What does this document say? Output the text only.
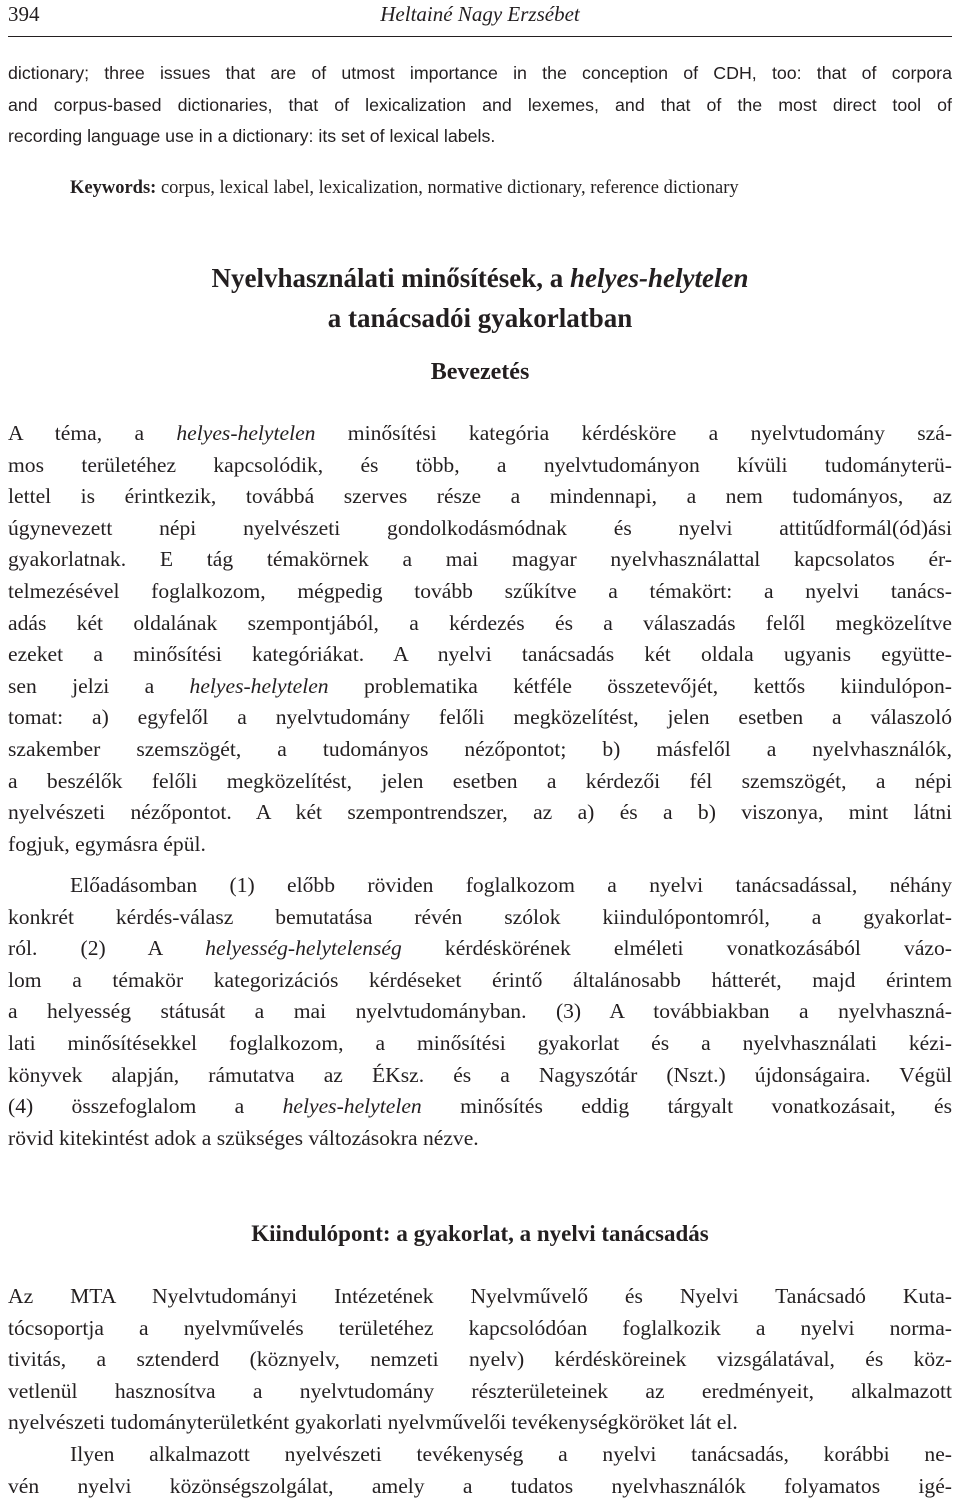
394	Heltainé Nagy Erzsébet
dictionary; three issues that are of utmost importance in the conception of CDH, too: that of corpora
and corpus-based dictionaries, that of lexicalization and lexemes, and that of the most direct tool of
recording language use in a dictionary: its set of lexical labels.
Keywords: corpus, lexical label, lexicalization, normative dictionary, reference dictionary
Nyelvhasználati minősítések, a helyes-helytelen
a tanácsadói gyakorlatban
Bevezetés
A téma, a helyes-helytelen minősítési kategória kérdésköre a nyelvtudomány szá-
mos területéhez kapcsolódik, és több, a nyelvtudományon kívüli tudományterü-
lettel is érintkezik, továbbá szerves része a mindennapi, a nem tudományos, az
úgynevezett népi nyelvészeti gondolkodásmódnak és nyelvi attitűdformál(ód)ási
gyakorlatnak. E tág témakörnek a mai magyar nyelvhasználattal kapcsolatos ér-
telmezésével foglalkozom, mégpedig tovább szűkítve a témakört: a nyelvi tanács-
adás két oldalának szempontjából, a kérdezés és a válaszadás felől megközelítve
ezeket a minősítési kategóriákat. A nyelvi tanácsadás két oldala ugyanis együtte-
sen jelzi a helyes-helytelen problematika kétféle összetevőjét, kettős kiindulópon-
tomat: a) egyfelől a nyelvtudomány felőli megközelítést, jelen esetben a válaszoló
szakember szemszögét, a tudományos nézőpontot; b) másfelől a nyelvhasználók,
a beszélők felőli megközelítést, jelen esetben a kérdezői fél szemszögét, a népi
nyelvészeti nézőpontot. A két szempontrendszer, az a) és a b) viszonya, mint látni
fogjuk, egymásra épül.
Előadásomban (1) előbb röviden foglalkozom a nyelvi tanácsadással, néhány
konkrét kérdés-válasz bemutatása révén szólok kiindulópontomról, a gyakorlat-
ról. (2) A helyesség-helytelenség kérdéskörének elméleti vonatkozásából vázo-
lom a témakör kategorizációs kérdéseket érintő általánosabb hátterét, majd érintem
a helyesség státusát a mai nyelvtudományban. (3) A továbbiakban a nyelvhaszná-
lati minősítésekkel foglalkozom, a minősítési gyakorlat és a nyelvhasználati kézi-
könyvek alapján, rámutatva az ÉKsz. és a Nagyszótár (Nszt.) újdonságaira. Végül
(4) összefoglalom a helyes-helytelen minősítés eddig tárgyalt vonatkozásait, és
rövid kitekintést adok a szükséges változásokra nézve.
Kiindulópont: a gyakorlat, a nyelvi tanácsadás
Az MTA Nyelvtudományi Intézetének Nyelvművelő és Nyelvi Tanácsadó Kuta-
tócsoportja a nyelvművelés területéhez kapcsolódóan foglalkozik a nyelvi norma-
tivitás, a sztenderd (köznyelv, nemzeti nyelv) kérdésköreinek vizsgálatával, és köz-
vetlenül hasznosítva a nyelvtudomány részterületeinek az eredményeit, alkalmazott
nyelvészeti tudományterületként gyakorlati nyelvművelői tevékenységköröket lát el.
Ilyen alkalmazott nyelvészeti tevékenység a nyelvi tanácsadás, korábbi ne-
vén nyelvi közönségszolgálat, amely a tudatos nyelvhasználók folyamatos igé-
